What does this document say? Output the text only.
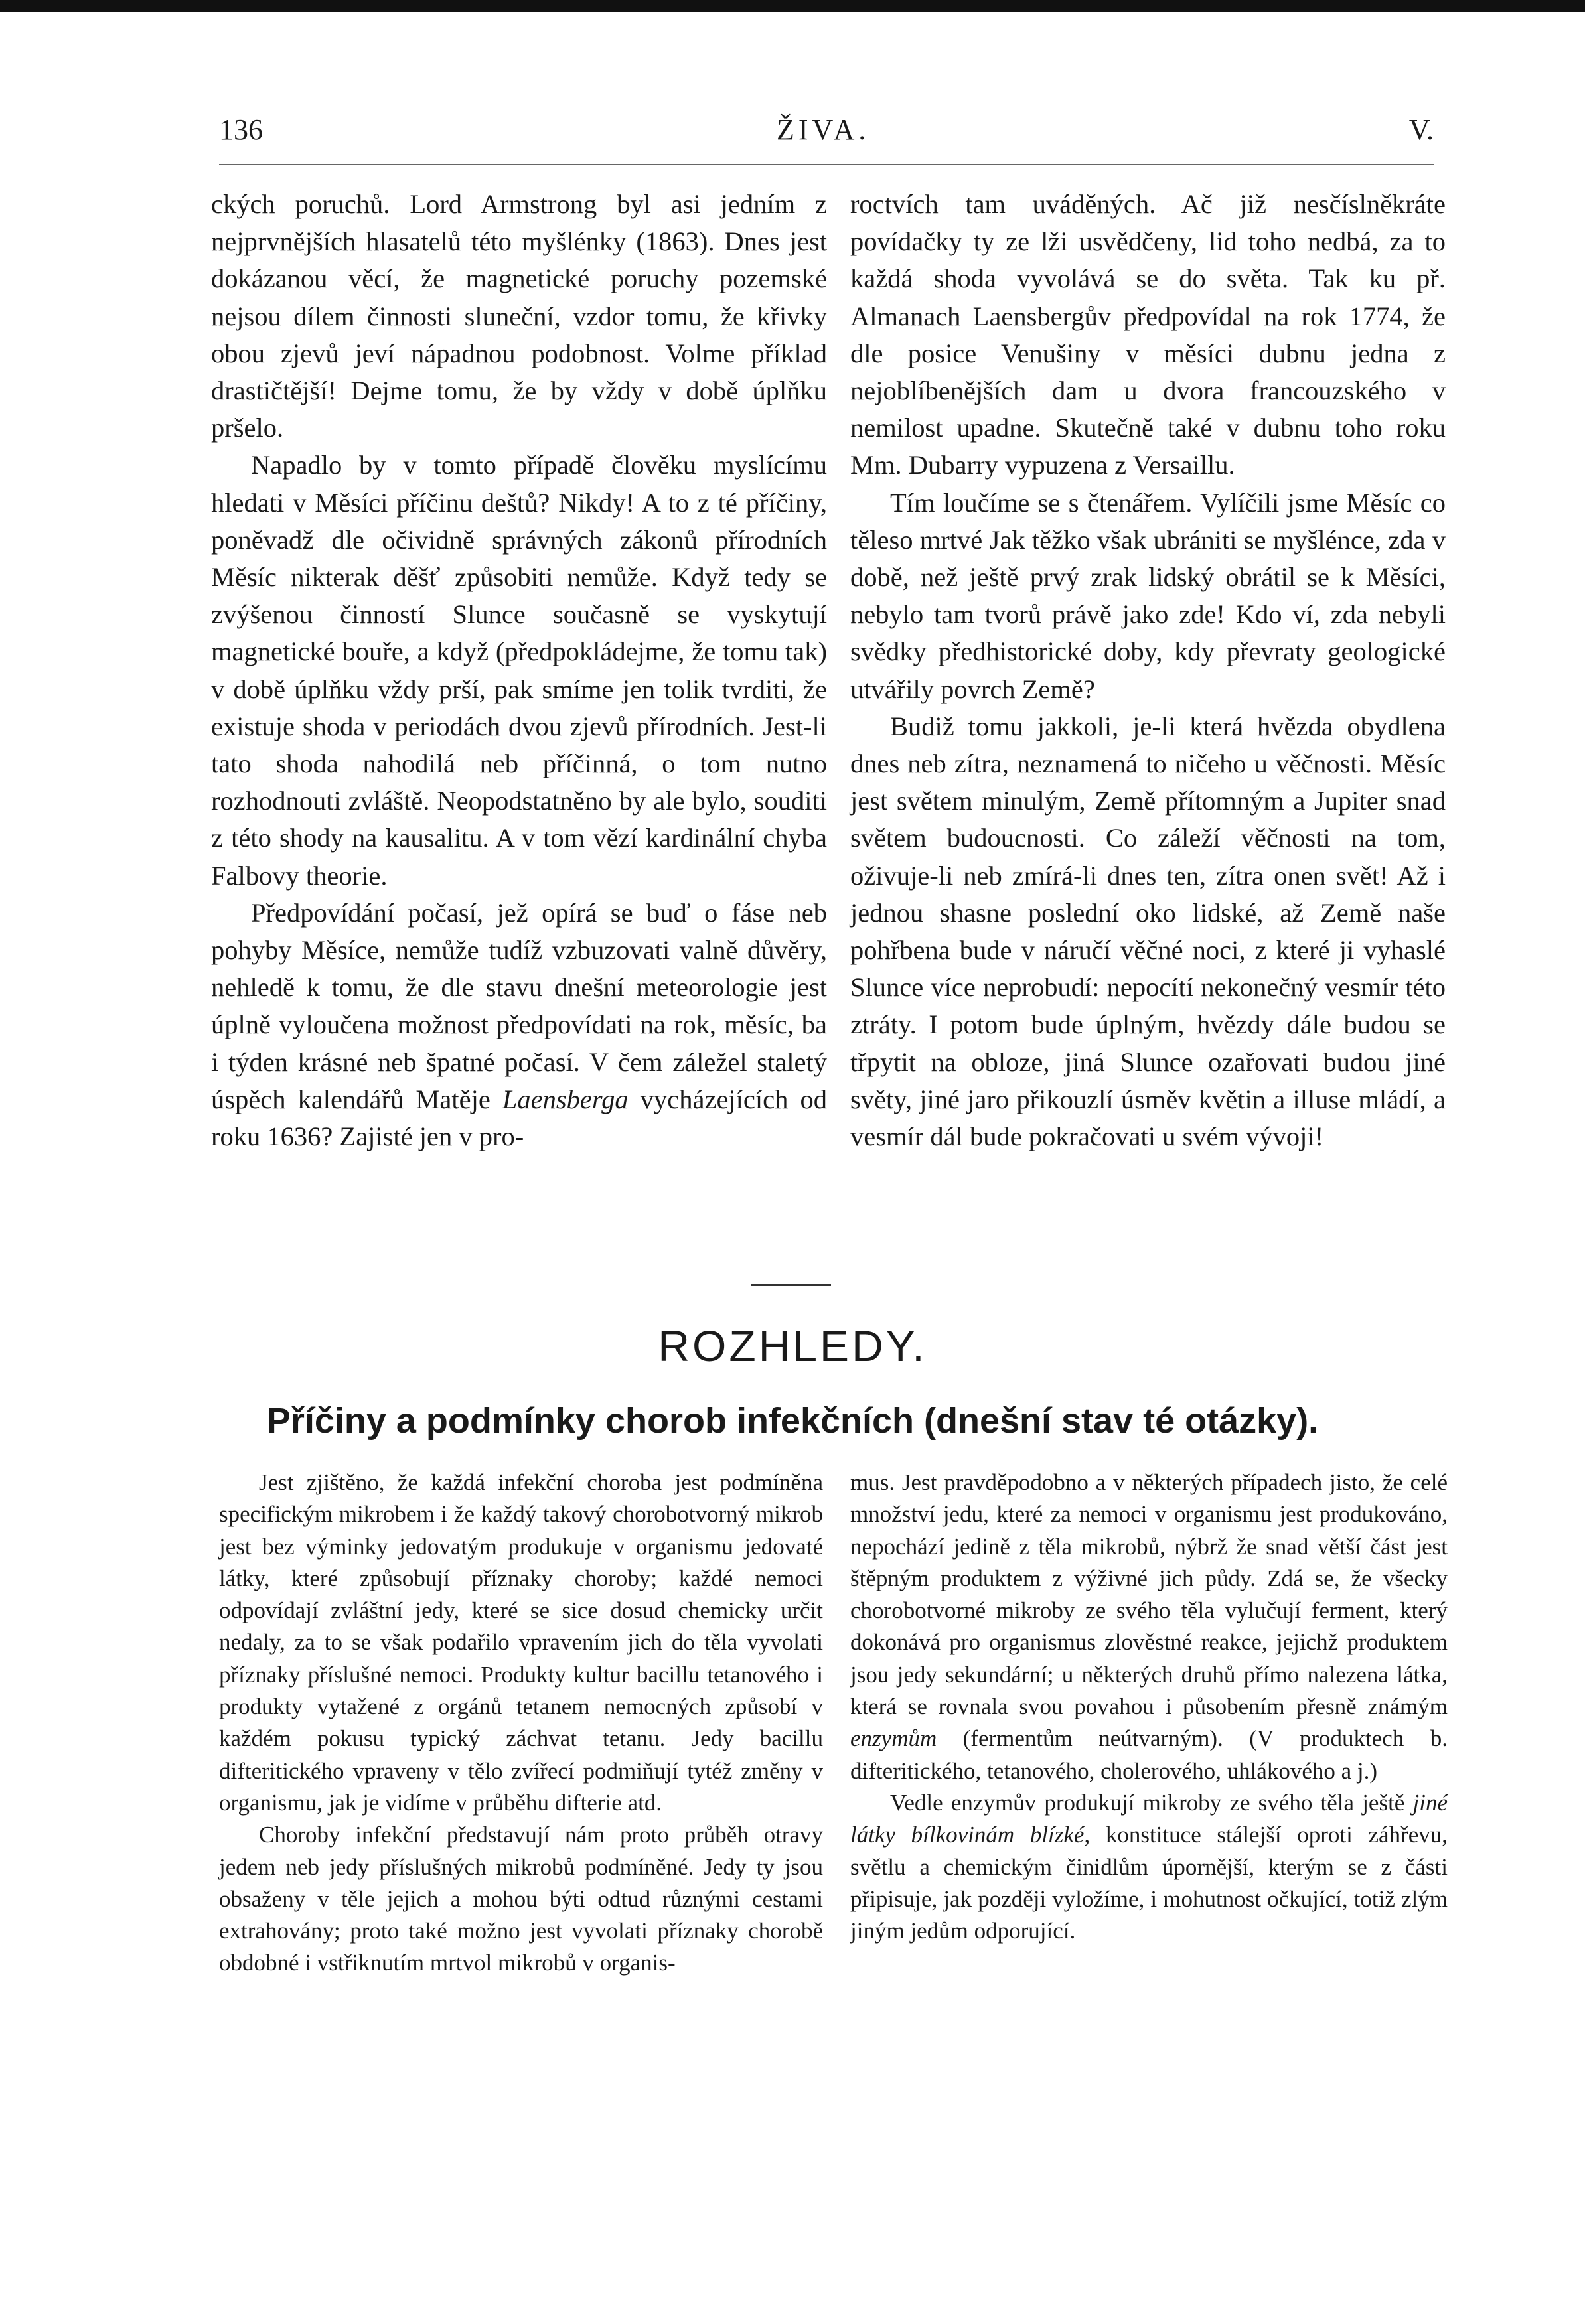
136	ŽIVA.	V.

ckých poruchů. Lord Armstrong byl asi jedním z nejprvnějších hlasatelů této myšlénky (1863). Dnes jest dokázanou věcí, že magnetické poruchy pozemské nejsou dílem činnosti sluneční, vzdor tomu, že křivky obou zjevů jeví nápadnou podobnost. Volme příklad drastičtější! Dejme tomu, že by vždy v době úplňku pršelo.

Napadlo by v tomto případě člověku myslícímu hledati v Měsíci příčinu deštů? Nikdy! A to z té příčiny, poněvadž dle očividně správných zákonů přírodních Měsíc nikterak děšť způsobiti nemůže. Když tedy se zvýšenou činností Slunce současně se vyskytují magnetické bouře, a když (předpokládejme, že tomu tak) v době úplňku vždy prší, pak smíme jen tolik tvrditi, že existuje shoda v periodách dvou zjevů přírodních. Jest-li tato shoda nahodilá neb příčinná, o tom nutno rozhodnouti zvláště. Neopodstatněno by ale bylo, souditi z této shody na kausalitu. A v tom vězí kardinální chyba Falbovy theorie.

Předpovídání počasí, jež opírá se buď o fáse neb pohyby Měsíce, nemůže tudíž vzbuzovati valně důvěry, nehledě k tomu, že dle stavu dnešní meteorologie jest úplně vyloučena možnost předpovídati na rok, měsíc, ba i týden krásné neb špatné počasí. V čem záležel staletý úspěch kalendářů Matěje Laensberga vycházejících od roku 1636? Zajisté jen v pro-

roctvích tam uváděných. Ač již nesčíslněkráte povídačky ty ze lži usvědčeny, lid toho nedbá, za to každá shoda vyvolává se do světa. Tak ku př. Almanach Laensbergův předpovídal na rok 1774, že dle posice Venušiny v měsíci dubnu jedna z nejoblíbenějších dam u dvora francouzského v nemilost upadne. Skutečně také v dubnu toho roku Mm. Dubarry vypuzena z Versaillu.

Tím loučíme se s čtenářem. Vylíčili jsme Měsíc co těleso mrtvé Jak těžko však ubrániti se myšlénce, zda v době, než ještě prvý zrak lidský obrátil se k Měsíci, nebylo tam tvorů právě jako zde! Kdo ví, zda nebyli svědky předhistorické doby, kdy převraty geologické utvářily povrch Země?

Budiž tomu jakkoli, je-li která hvězda obydlena dnes neb zítra, neznamená to ničeho u věčnosti. Měsíc jest světem minulým, Země přítomným a Jupiter snad světem budoucnosti. Co záleží věčnosti na tom, oživuje-li neb zmírá-li dnes ten, zítra onen svět! Až i jednou shasne poslední oko lidské, až Země naše pohřbena bude v náručí věčné noci, z které ji vyhaslé Slunce více neprobudí: nepocítí nekonečný vesmír této ztráty. I potom bude úplným, hvězdy dále budou se třpytit na obloze, jiná Slunce ozařovati budou jiné světy, jiné jaro přikouzlí úsměv květin a illuse mládí, a vesmír dál bude pokračovati u svém vývoji!

ROZHLEDY.
Příčiny a podmínky chorob infekčních (dnešní stav té otázky).

Jest zjištěno, že každá infekční choroba jest podmíněna specifickým mikrobem i že každý takový chorobotvorný mikrob jest bez výminky jedovatým produkuje v organismu jedovaté látky, které způsobují příznaky choroby; každé nemoci odpovídají zvláštní jedy, které se sice dosud chemicky určit nedaly, za to se však podařilo vpravením jich do těla vyvolati příznaky příslušné nemoci. Produkty kultur bacillu tetanového i produkty vytažené z orgánů tetanem nemocných způsobí v každém pokusu typický záchvat tetanu. Jedy bacillu difteritického vpraveny v tělo zvířecí podmiňují tytéž změny v organismu, jak je vidíme v průběhu difterie atd.

Choroby infekční představují nám proto průběh otravy jedem neb jedy příslušných mikrobů podmíněné. Jedy ty jsou obsaženy v těle jejich a mohou býti odtud různými cestami extrahovány; proto také možno jest vyvolati příznaky chorobě obdobné i vstřiknutím mrtvol mikrobů v organis-

mus. Jest pravděpodobno a v některých případech jisto, že celé množství jedu, které za nemoci v organismu jest produkováno, nepochází jedině z těla mikrobů, nýbrž že snad větší část jest štěpným produktem z výživné jich půdy. Zdá se, že všecky chorobotvorné mikroby ze svého těla vylučují ferment, který dokonává pro organismus zlověstné reakce, jejichž produktem jsou jedy sekundární; u některých druhů přímo nalezena látka, která se rovnala svou povahou i působením přesně známým enzymům (fermentům neútvarným). (V produktech b. difteritického, tetanového, cholerového, uhlákového a j.)

Vedle enzymův produkují mikroby ze svého těla ještě jiné látky bílkovinám blízké, konstituce stálejší oproti záhřevu, světlu a chemickým činidlům úpornější, kterým se z části připisuje, jak později vyložíme, i mohutnost očkující, totiž zlým jiným jedům odporující.
